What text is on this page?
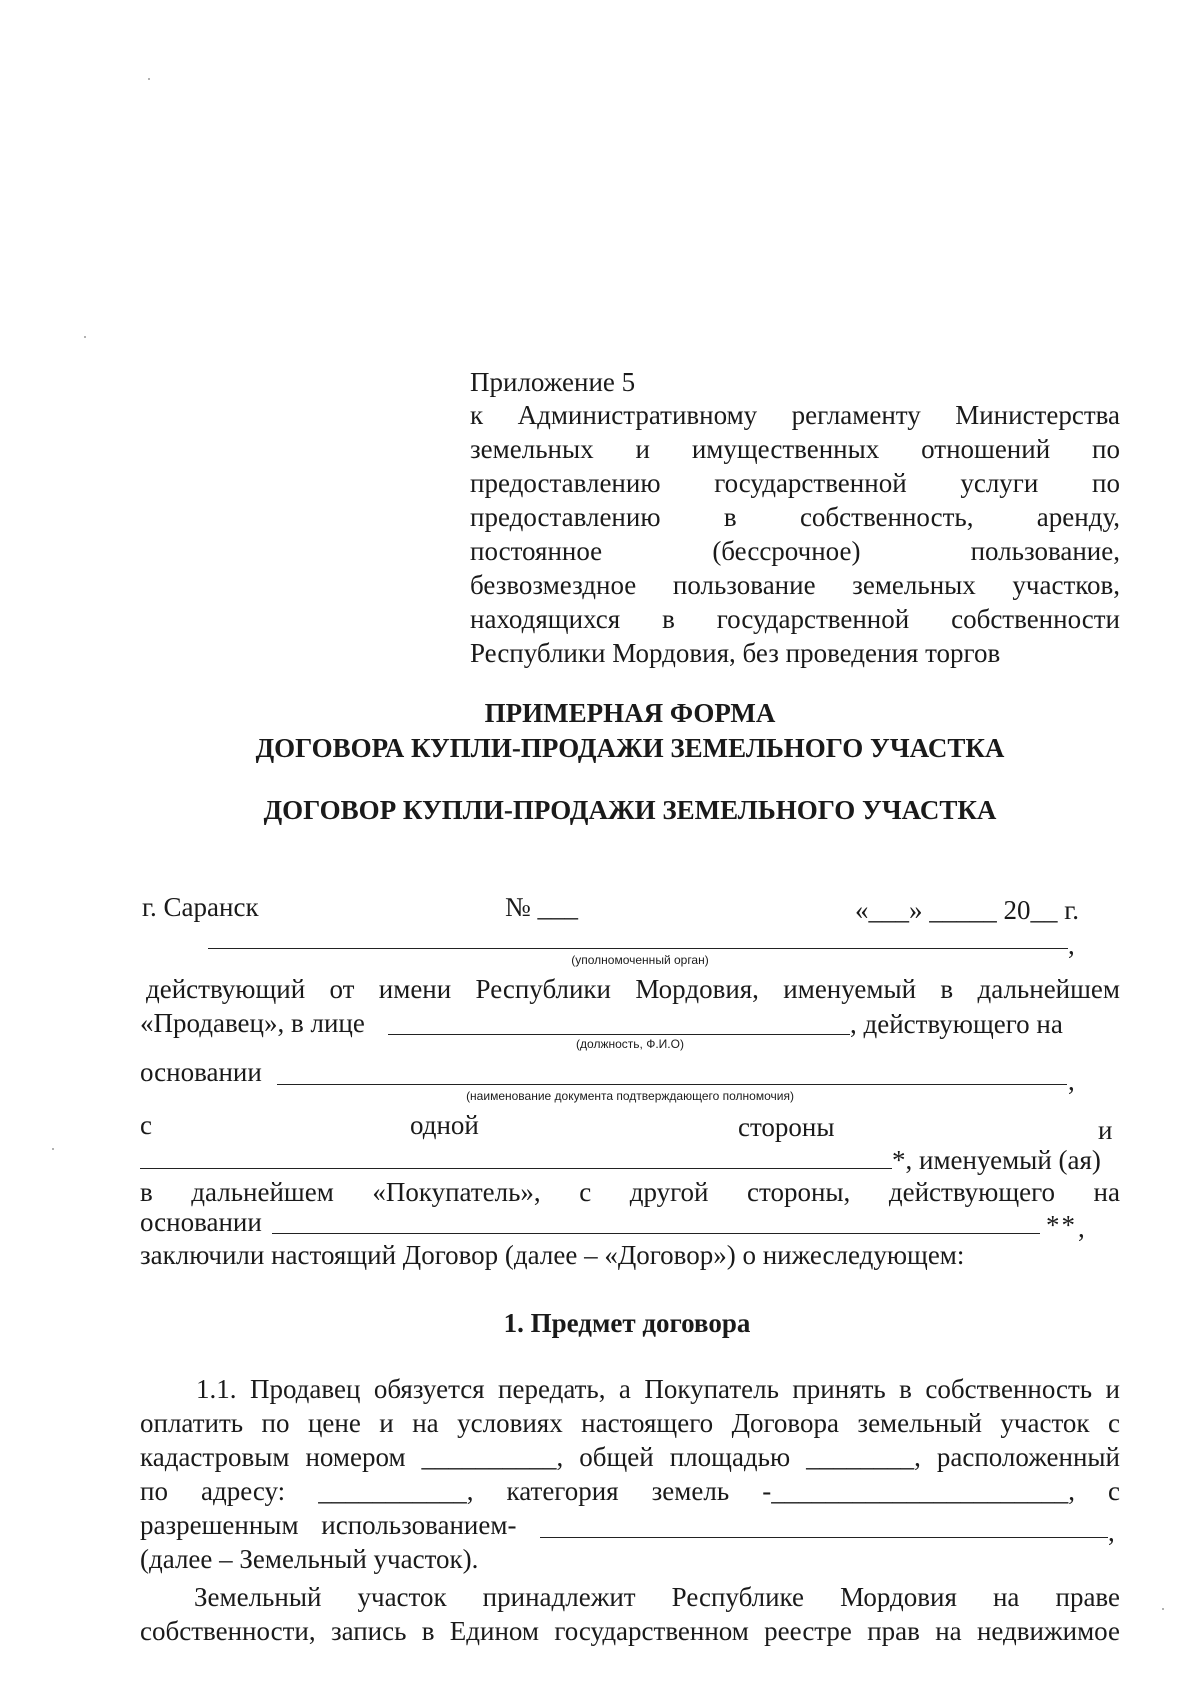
Приложение 5
к Административному регламенту Министерства
земельных и имущественных отношений по
предоставлению государственной услуги по
предоставлению в собственность, аренду,
постоянное (бессрочное) пользование,
безвозмездное пользование земельных участков,
находящихся в государственной собственности
Республики Мордовия, без проведения торгов
ПРИМЕРНАЯ ФОРМА
ДОГОВОРА КУПЛИ-ПРОДАЖИ ЗЕМЕЛЬНОГО УЧАСТКА
ДОГОВОР КУПЛИ-ПРОДАЖИ ЗЕМЕЛЬНОГО УЧАСТКА
г. Саранск	№ ___	«___» _____ 20__ г.
,
(уполномоченный орган)
действующий от имени Республики Мордовия, именуемый в дальнейшем
«Продавец», в лице	, действующего на
(должность, Ф.И.О)
основании	,
(наименование документа подтверждающего полномочия)
с	одной	стороны	и
*, именуемый (ая)
в дальнейшем «Покупатель», с другой стороны, действующего на
основании	** ,
заключили настоящий Договор (далее – «Договор») о нижеследующем:
1. Предмет договора
1.1. Продавец обязуется передать, а Покупатель принять в собственность и
оплатить по цене и на условиях настоящего Договора земельный участок с
кадастровым номером __________, общей площадью ________, расположенный
по адресу: ___________, категория земель -______________________, с
разрешенным использованием-	,
(далее – Земельный участок).
Земельный участок принадлежит Республике Мордовия на праве
собственности, запись в Едином государственном реестре прав на недвижимое
